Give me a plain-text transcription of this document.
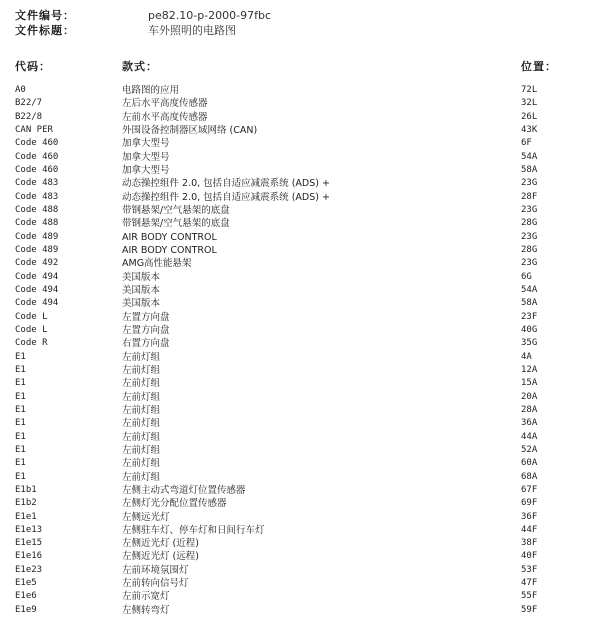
文件编号：	pe82.10-p-2000-97fbc
文件标题：	车外照明的电路图
代码：	款式：	位置：
A0	电路图的应用	72L
B22/7	左后水平高度传感器	32L
B22/8	左前水平高度传感器	26L
CAN PER	外围设备控制器区域网络 (CAN)	43K
Code 460	加拿大型号	6F
Code 460	加拿大型号	54A
Code 460	加拿大型号	58A
Code 483	动态操控组件 2.0, 包括自适应减震系统 (ADS) +	23G
Code 483	动态操控组件 2.0, 包括自适应减震系统 (ADS) +	28F
Code 488	带钢悬架/空气悬架的底盘	23G
Code 488	带钢悬架/空气悬架的底盘	28G
Code 489	AIR BODY CONTROL	23G
Code 489	AIR BODY CONTROL	28G
Code 492	AMG高性能悬架	23G
Code 494	美国版本	6G
Code 494	美国版本	54A
Code 494	美国版本	58A
Code L	左置方向盘	23F
Code L	左置方向盘	40G
Code R	右置方向盘	35G
E1	左前灯组	4A
E1	左前灯组	12A
E1	左前灯组	15A
E1	左前灯组	20A
E1	左前灯组	28A
E1	左前灯组	36A
E1	左前灯组	44A
E1	左前灯组	52A
E1	左前灯组	60A
E1	左前灯组	68A
E1b1	左侧主动式弯道灯位置传感器	67F
E1b2	左侧灯光分配位置传感器	69F
E1e1	左侧远光灯	36F
E1e13	左侧驻车灯、停车灯和日间行车灯	44F
E1e15	左侧近光灯 (近程)	38F
E1e16	左侧近光灯 (远程)	40F
E1e23	左前环境氛围灯	53F
E1e5	左前转向信号灯	47F
E1e6	左前示宽灯	55F
E1e9	左侧转弯灯	59F
